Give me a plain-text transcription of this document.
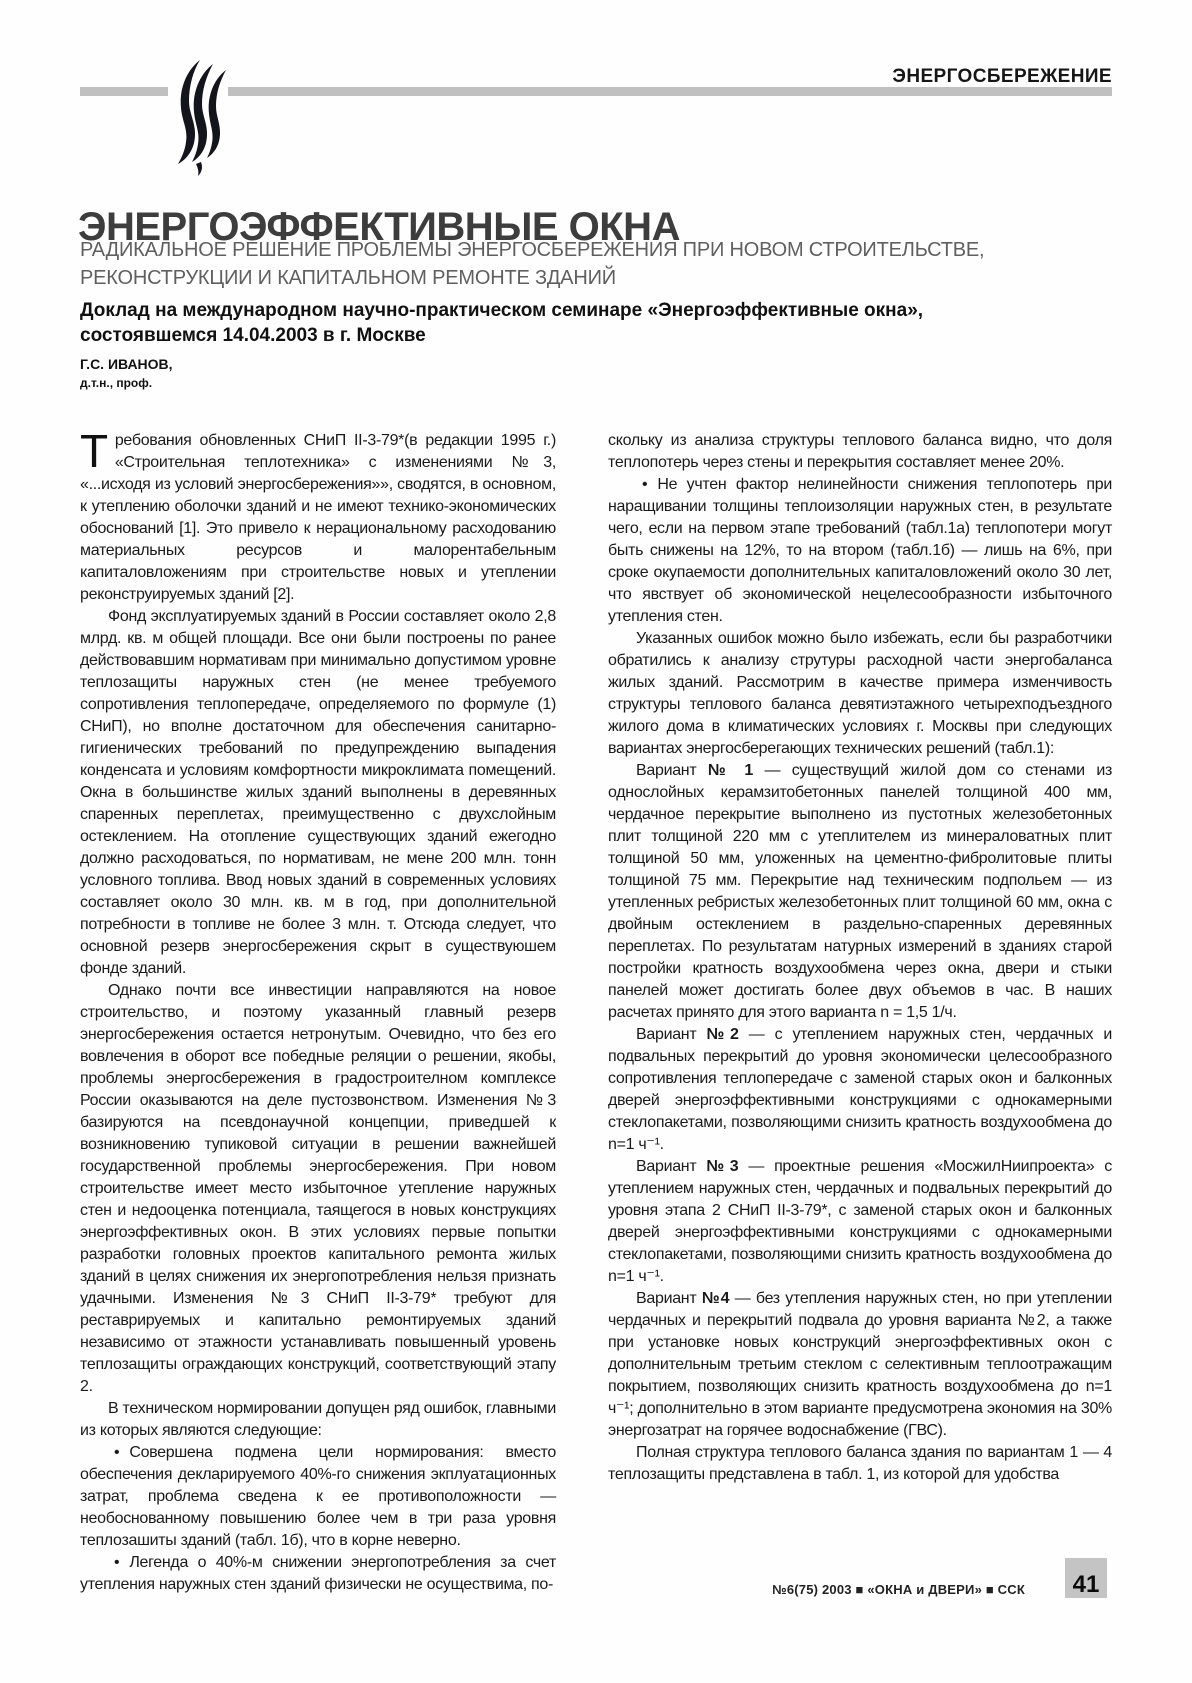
ЭНЕРГОСБЕРЕЖЕНИЕ
ЭНЕРГОЭФФЕКТИВНЫЕ ОКНА
РАДИКАЛЬНОЕ РЕШЕНИЕ ПРОБЛЕМЫ ЭНЕРГОСБЕРЕЖЕНИЯ ПРИ НОВОМ СТРОИТЕЛЬСТВЕ,
РЕКОНСТРУКЦИИ И КАПИТАЛЬНОМ РЕМОНТЕ ЗДАНИЙ
Доклад на международном научно-практическом семинаре «Энергоэффективные окна»,
состоявшемся 14.04.2003 в г. Москве
Г.С. ИВАНОВ,
д.т.н., проф.

Требования обновленных СНиП II-3-79*(в редакции 1995 г.) «Строительная теплотехника» с изменениями №3, «...исходя из условий энергосбережения»», сводятся, в основном, к утеплению оболочки зданий и не имеют технико-экономических обоснований [1]. Это привело к нерациональному расходованию материальных ресурсов и малорентабельным капиталовложениям при строительстве новых и утеплении реконструируемых зданий [2].

Фонд эксплуатируемых зданий в России составляет около 2,8 млрд. кв. м общей площади. Все они были построены по ранее действовавшим нормативам при минимально допустимом уровне теплозащиты наружных стен (не менее требуемого сопротивления теплопередаче, определяемого по формуле (1) СНиП), но вполне достаточном для обеспечения санитарно-гигиенических требований по предупреждению выпадения конденсата и условиям комфортности микроклимата помещений. Окна в большинстве жилых зданий выполнены в деревянных спаренных переплетах, преимущественно с двухслойным остеклением. На отопление существующих зданий ежегодно должно расходоваться, по нормативам, не мене 200 млн. тонн условного топлива. Ввод новых зданий в современных условиях составляет около 30 млн. кв. м в год, при дополнительной потребности в топливе не более 3 млн. т. Отсюда следует, что основной резерв энергосбережения скрыт в существуюшем фонде зданий.

Однако почти все инвестиции направляются на новое строительство, и поэтому указанный главный резерв энергосбережения остается нетронутым. Очевидно, что без его вовлечения в оборот все победные реляции о решении, якобы, проблемы энергосбережения в градостроителном комплексе России оказываются на деле пустозвонством. Изменения №3 базируются на псевдонаучной концепции, приведшей к возникновению тупиковой ситуации в решении важнейшей государственной проблемы энергосбережения. При новом строительстве имеет место избыточное утепление наружных стен и недооценка потенциала, таящегося в новых конструкциях энергоэффективных окон. В этих условиях первые попытки разработки головных проектов капитального ремонта жилых зданий в целях снижения их энергопотребления нельзя признать удачными. Изменения №3 СНиП II-3-79* требуют для реставрируемых и капитально ремонтируемых зданий независимо от этажности устанавливать повышенный уровень теплозащиты ограждающих конструкций, соответствующий этапу 2.

В техническом нормировании допущен ряд ошибок, главными из которых являются следующие:

• Совершена подмена цели нормирования: вместо обеспечения декларируемого 40%-го снижения экплуатационных затрат, проблема сведена к ее противоположности — необоснованному повышению более чем в три раза уровня теплозашиты зданий (табл. 1б), что в корне неверно.

• Легенда о 40%-м снижении энергопотребления за счет утепления наружных стен зданий физически не осуществима, по-

скольку из анализа структуры теплового баланса видно, что доля теплопотерь через стены и перекрытия составляет менее 20%.

• Не учтен фактор нелинейности снижения теплопотерь при наращивании толщины теплоизоляции наружных стен, в результате чего, если на первом этапе требований (табл.1а) теплопотери могут быть снижены на 12%, то на втором (табл.1б) — лишь на 6%, при сроке окупаемости дополнительных капиталовложений около 30 лет, что явствует об экономической нецелесообразности избыточного утепления стен.

Указанных ошибок можно было избежать, если бы разработчики обратились к анализу струтуры расходной части энергобаланса жилых зданий. Рассмотрим в качестве примера изменчивость структуры теплового баланса девятиэтажного четырехподъездного жилого дома в климатических условиях г. Москвы при следующих вариантах энергосберегающих технических решений (табл.1):

Вариант № 1 — существущий жилой дом со стенами из однослойных керамзитобетонных панелей толщиной 400 мм, чердачное перекрытие выполнено из пустотных железобетонных плит толщиной 220 мм с утеплителем из минераловатных плит толщиной 50 мм, уложенных на цементно-фибролитовые плиты толщиной 75 мм. Перекрытие над техническим подпольем — из утепленных ребристых железобетонных плит толщиной 60 мм, окна с двойным остеклением в раздельно-спаренных деревянных переплетах. По результатам натурных измерений в зданиях старой постройки кратность воздухообмена через окна, двери и стыки панелей может достигать более двух объемов в час. В наших расчетах принято для этого варианта n = 1,5 1/ч.

Вариант №2 — с утеплением наружных стен, чердачных и подвальных перекрытий до уровня экономически целесообразного сопротивления теплопередаче с заменой старых окон и балконных дверей энергоэффективными конструкциями с однокамерными стеклопакетами, позволяющими снизить кратность воздухообмена до n=1 ч⁻¹.

Вариант №3 — проектные решения «МосжилНиипроекта» с утеплением наружных стен, чердачных и подвальных перекрытий до уровня этапа 2 СНиП II-3-79*, с заменой старых окон и балконных дверей энергоэффективными конструкциями с однокамерными стеклопакетами, позволяющими снизить кратность воздухообмена до n=1 ч⁻¹.

Вариант №4 — без утепления наружных стен, но при утеплении чердачных и перекрытий подвала до уровня варианта №2, а также при установке новых конструкций энергоэффективных окон с дополнительным третьим стеклом с селективным теплоотражащим покрытием, позволяющих снизить кратность воздухообмена до n=1 ч⁻¹; дополнительно в этом варианте предусмотрена экономия на 30% энергозатрат на горячее водоснабжение (ГВС).

Полная структура теплового баланса здания по вариантам 1 — 4 теплозащиты представлена в табл. 1, из которой для удобства

№6(75) 2003 ■ «ОКНА и ДВЕРИ» ■ ССК 41
